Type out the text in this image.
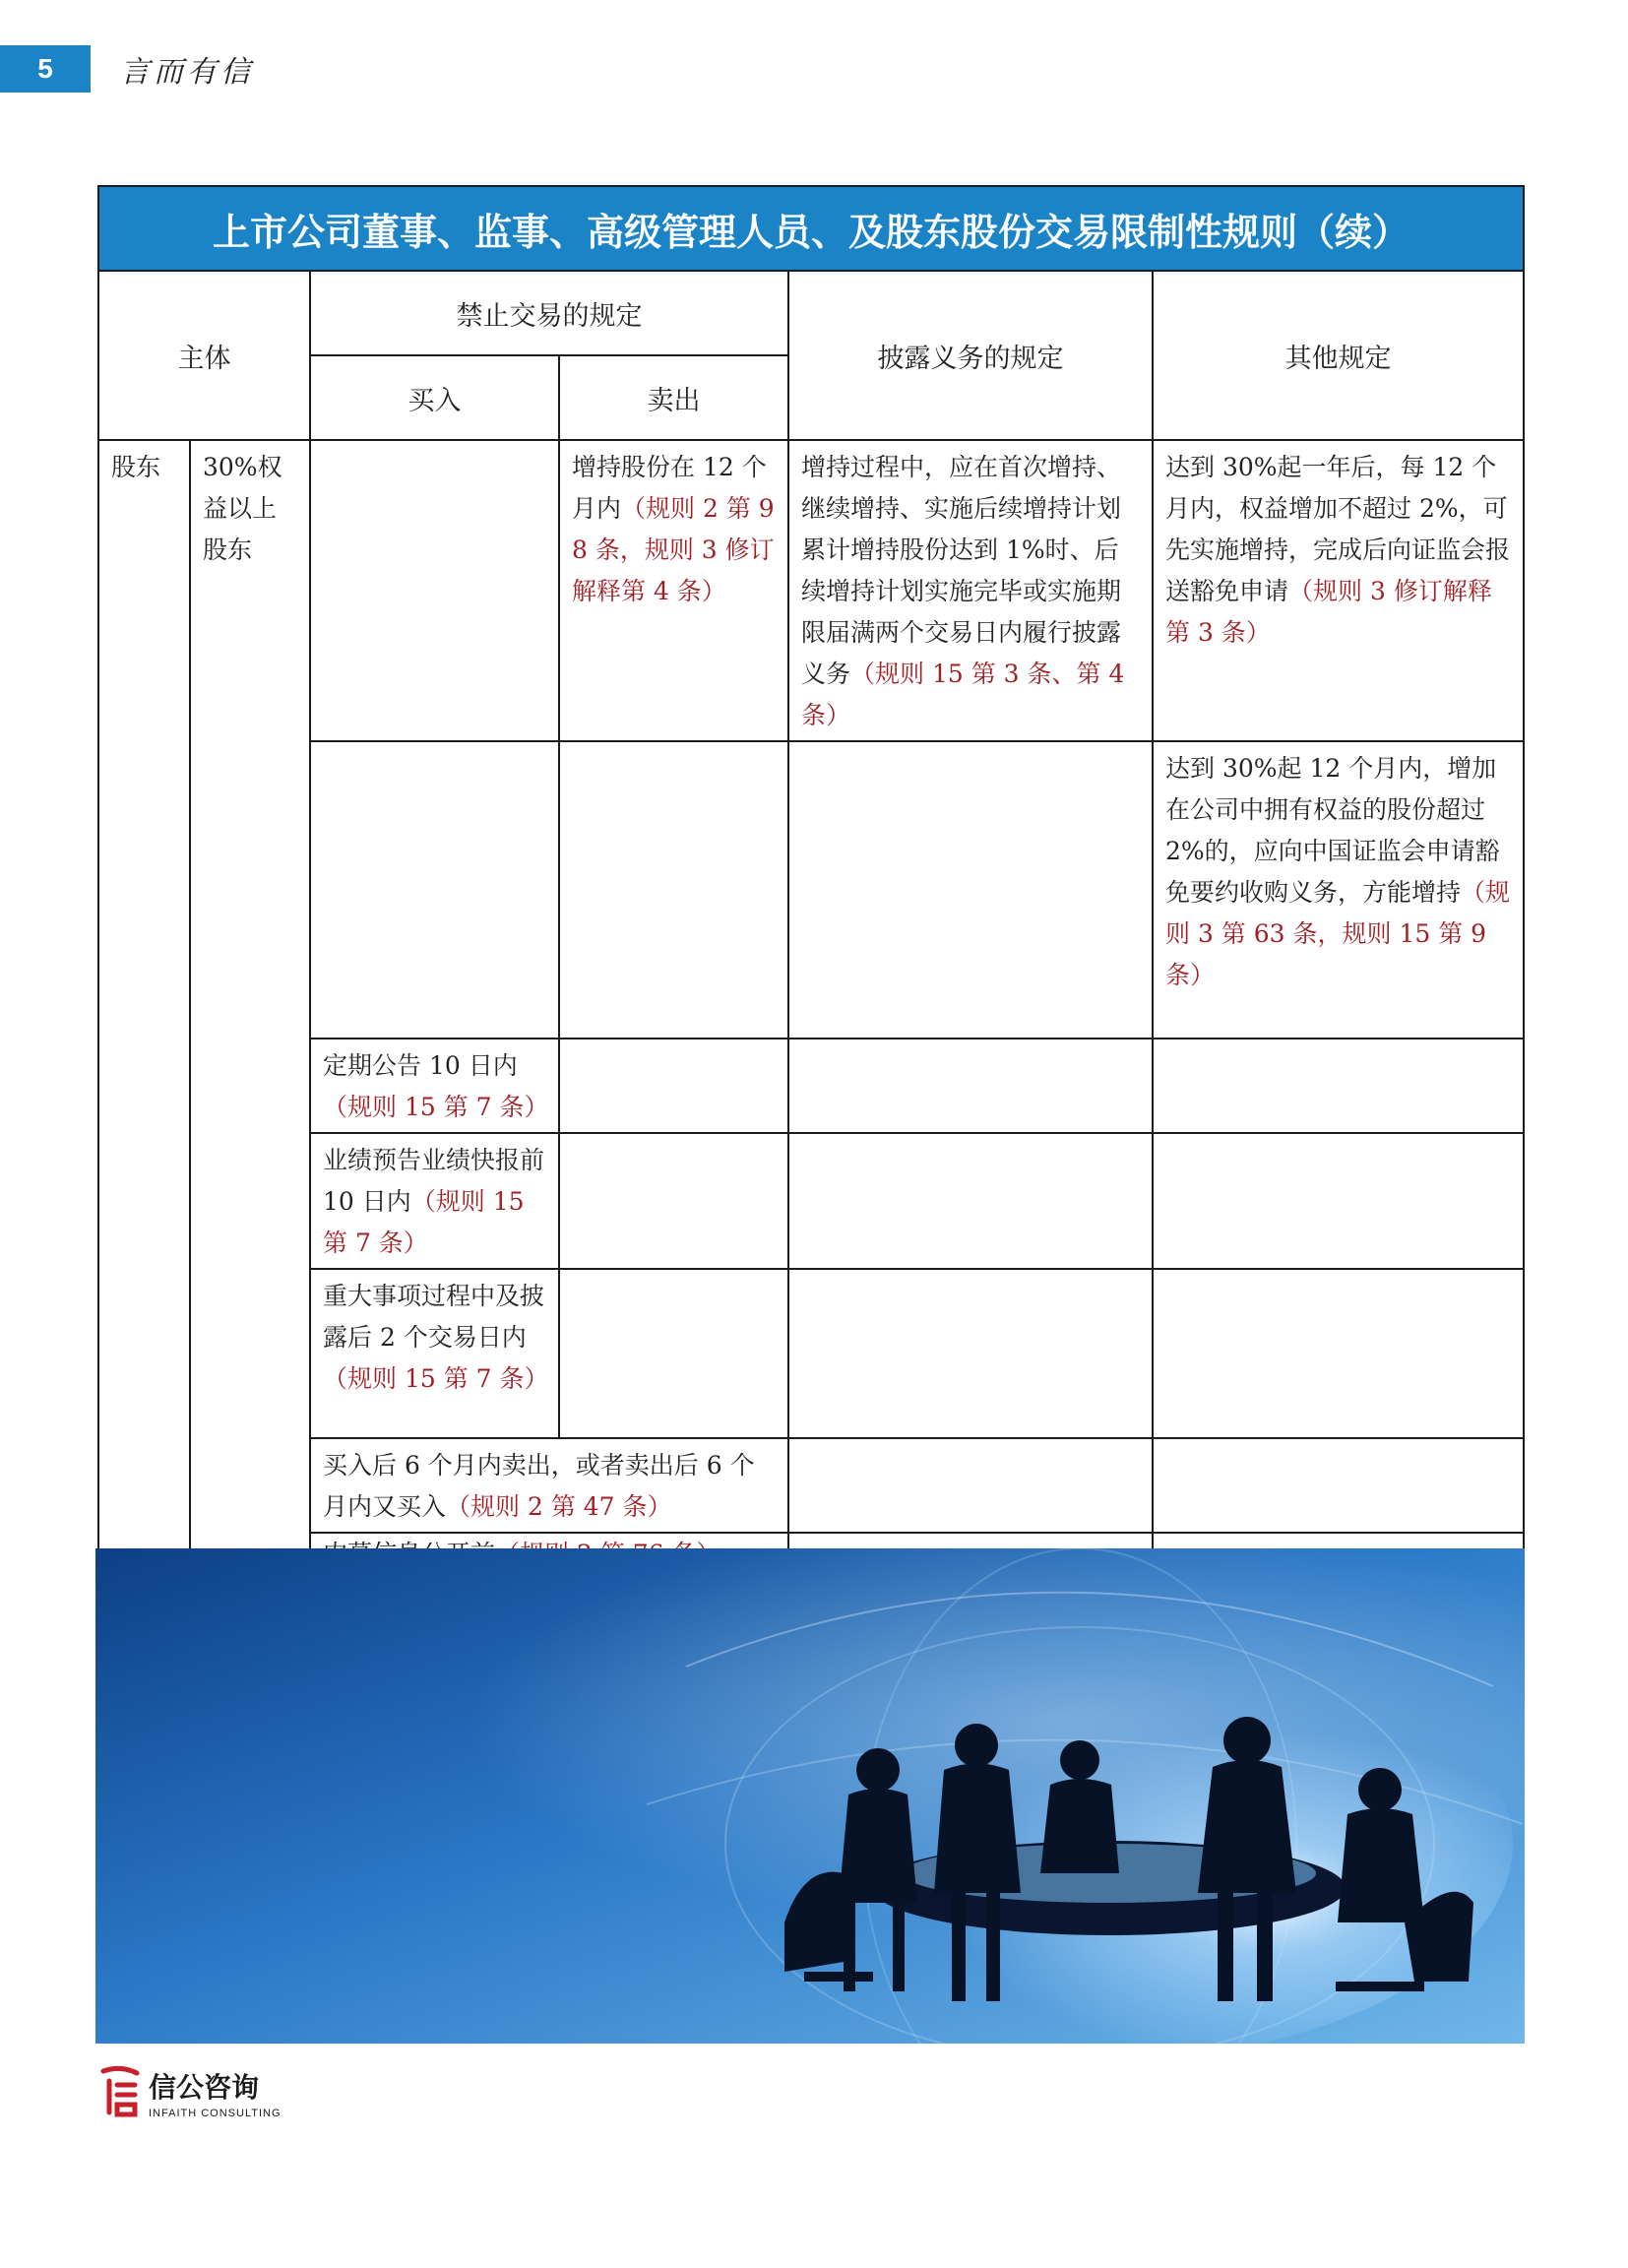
5	言而有信
上市公司董事、监事、高级管理人员、及股东股份交易限制性规则（续）					
主体		禁止交易的规定		披露义务的规定	其他规定
		买入	卖出		
股东	30%权益以上股东		增持股份在 12 个月内（规则 2 第 98 条，规则 3 修订解释第 4 条）	增持过程中，应在首次增持、继续增持、实施后续增持计划累计增持股份达到 1%时、后续增持计划实施完毕或实施期限届满两个交易日内履行披露义务（规则 15 第 3 条、第 4 条）	达到 30%起一年后，每 12 个月内，权益增加不超过 2%，可先实施增持，完成后向证监会报送豁免申请（规则 3 修订解释第 3 条）
					达到 30%起 12 个月内，增加在公司中拥有权益的股份超过 2%的，应向中国证监会申请豁免要约收购义务，方能增持（规则 3 第 63 条，规则 15 第 9 条）
		定期公告 10 日内（规则 15 第 7 条）			
		业绩预告业绩快报前 10 日内（规则 15 第 7 条）			
		重大事项过程中及披露后 2 个交易日内（规则 15 第 7 条）			
		买入后 6 个月内卖出，或者卖出后 6 个月内又买入（规则 2 第 47 条）			

信公咨询
INFAITH CONSULTING
